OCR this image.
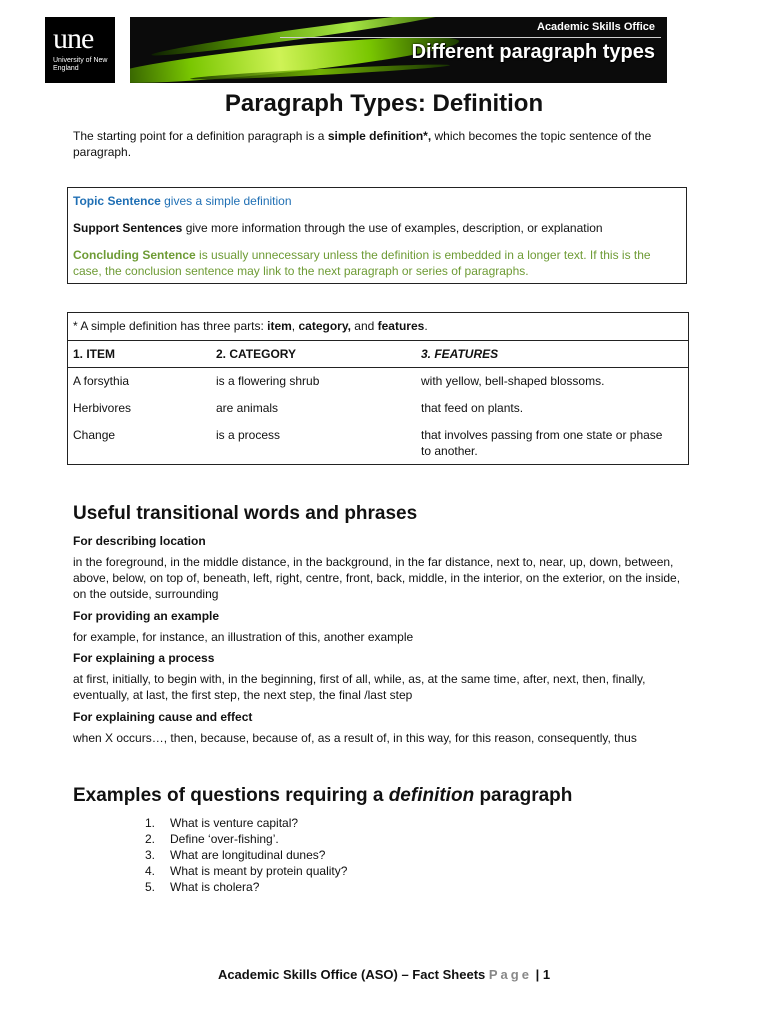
une
University of New England
Academic Skills Office
Different paragraph types
Paragraph Types: Definition
The starting point for a definition paragraph is a simple definition*, which becomes the topic sentence of the paragraph.

Topic Sentence gives a simple definition

Support Sentences give more information through the use of examples, description, or explanation

Concluding Sentence is usually unnecessary unless the definition is embedded in a longer text. If this is the case, the conclusion sentence may link to the next paragraph or series of paragraphs.

* A simple definition has three parts: item, category, and features.
1. ITEM	2. CATEGORY	3. FEATURES
A forsythia	is a flowering shrub	with yellow, bell-shaped blossoms.
Herbivores	are animals	that feed on plants.
Change	is a process	that involves passing from one state or phase to another.
Useful transitional words and phrases
For describing location
in the foreground, in the middle distance, in the background, in the far distance, next to, near, up, down, between, above, below, on top of, beneath, left, right, centre, front, back, middle, in the interior, on the exterior, on the inside, on the outside, surrounding
For providing an example
for example, for instance, an illustration of this, another example
For explaining a process
at first, initially, to begin with, in the beginning, first of all, while, as, at the same time, after, next, then, finally, eventually, at last, the first step, the next step, the final /last step
For explaining cause and effect
when X occurs…, then, because, because of, as a result of, in this way, for this reason, consequently, thus
Examples of questions requiring a definition paragraph
1. What is venture capital?
2. Define ‘over-fishing’.
3. What are longitudinal dunes?
4. What is meant by protein quality?
5. What is cholera?
Academic Skills Office (ASO) – Fact Sheets Page | 1
